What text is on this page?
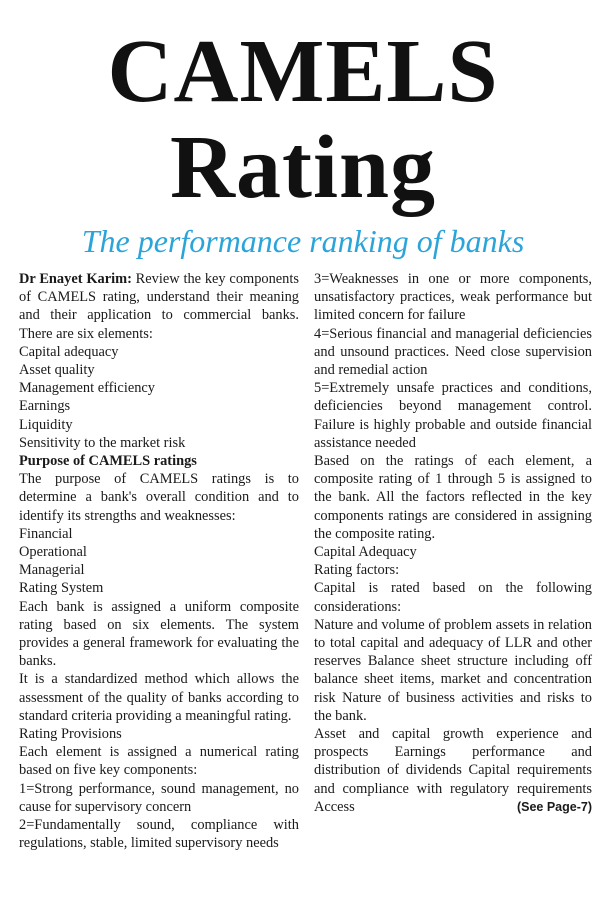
CAMELS
Rating
The performance ranking of banks

Dr Enayet Karim: Review the key components of CAMELS rating, understand their meaning and their application to commercial banks. There are six elements:

Capital adequacy

Asset quality

Management efficiency

Earnings

Liquidity

Sensitivity to the market risk

Purpose of CAMELS ratings

The purpose of CAMELS ratings is to determine a bank's overall condition and to identify its strengths and weaknesses:

Financial

Operational

Managerial

Rating System

Each bank is assigned a uniform composite rating based on six elements. The system provides a general framework for evaluating the banks.

It is a standardized method which allows the assessment of the quality of banks according to standard criteria providing a meaningful rating.

Rating Provisions

Each element is assigned a numerical rating based on five key components:

1=Strong performance, sound management, no cause for supervisory concern

2=Fundamentally sound, compliance with regulations, stable, limited supervisory needs

3=Weaknesses in one or more components, unsatisfactory practices, weak performance but limited concern for failure

4=Serious financial and managerial deficiencies and unsound practices. Need close supervision and remedial action

5=Extremely unsafe practices and conditions, deficiencies beyond management control. Failure is highly probable and outside financial assistance needed

Based on the ratings of each element, a composite rating of 1 through 5 is assigned to the bank. All the factors reflected in the key components ratings are considered in assigning the composite rating.

Capital Adequacy

Rating factors:

Capital is rated based on the following considerations:

Nature and volume of problem assets in relation to total capital and adequacy of LLR and other reserves Balance sheet structure including off balance sheet items, market and concentration risk Nature of business activities and risks to the bank.

Asset and capital growth experience and prospects Earnings performance and distribution of dividends Capital requirements and compliance with regulatory requirements Access	(See Page-7)
